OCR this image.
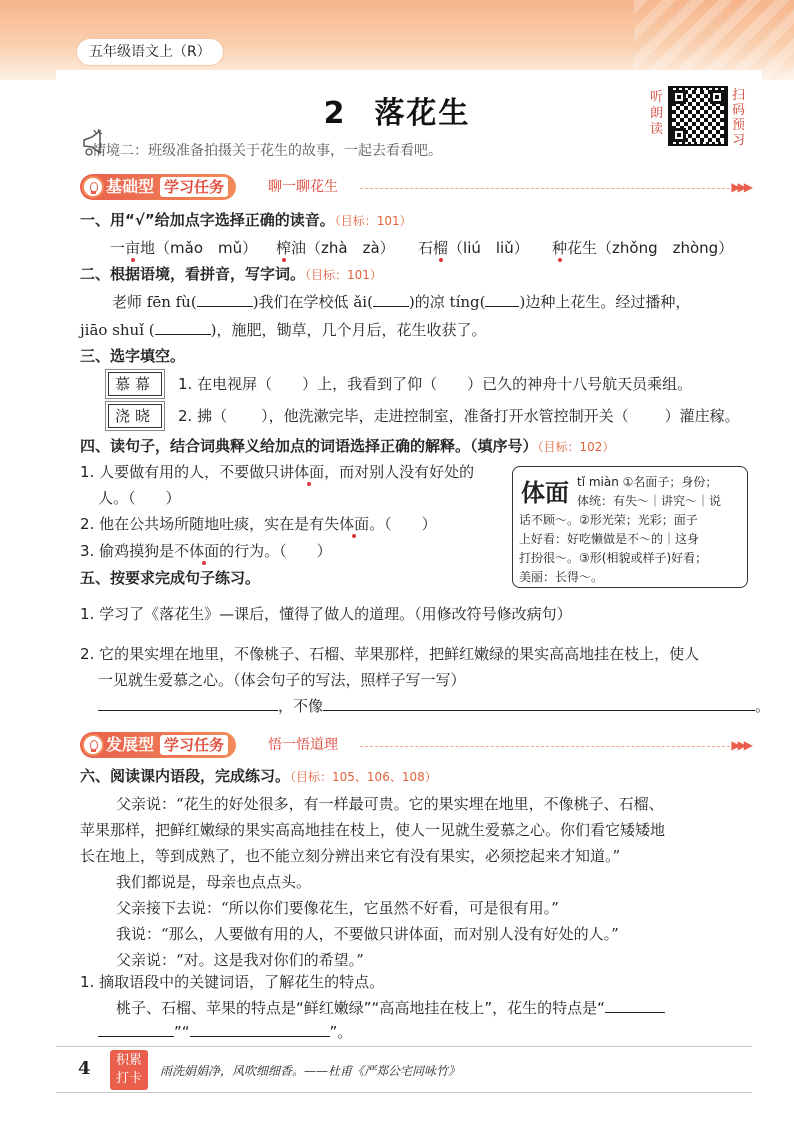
五年级语文上（R）
2 落花生	听朗读
扫码预习
情境二：班级准备拍摄关于花生的故事，一起去看看吧。
基础型 学习任务	聊一聊花生	▶▶▶
一、用“√”给加点字选择正确的读音。（目标：101）
一亩地（mǎo　mǔ） 榨油（zhà　zà） 石榴（liú　liǔ） 种花生（zhǒng　zhòng）
二、根据语境，看拼音，写字词。（目标：101）
老师 fēn fù(	)我们在学校低 ǎi( )的凉 tíng( )边种上花生。经过播种，
jiāo shuǐ (	)，施肥，锄草，几个月后，花生收获了。
三、选字填空。
慕幕	1. 在电视屏（ ）上，我看到了仰（ ）已久的神舟十八号航天员乘组。
浇晓	2. 拂（ ），他洗漱完毕，走进控制室，准备打开水管控制开关（ ）灌庄稼。
四、读句子，结合词典释义给加点的词语选择正确的解释。（填序号）（目标：102）
1. 人要做有用的人，不要做只讲体面，而对别人没有好处的
人。（　　）
2. 他在公共场所随地吐痰，实在是有失体面。（　　）
3. 偷鸡摸狗是不体面的行为。（　　）
体面 tǐ miàn ①名面子；身份；
体统：有失～｜讲究～｜说
话不顾～。②形光荣；光彩；面子
上好看：好吃懒做是不～的｜这身
打扮很～。③形(相貌或样子)好看；
美丽：长得～。
五、按要求完成句子练习。
1. 学习了《落花生》—课后，懂得了做人的道理。（用修改符号修改病句）
2. 它的果实埋在地里，不像桃子、石榴、苹果那样，把鲜红嫩绿的果实高高地挂在枝上，使人
一见就生爱慕之心。（体会句子的写法，照样子写一写）
，不像	。
发展型 学习任务	悟一悟道理	▶▶▶
六、阅读课内语段，完成练习。（目标：105、106、108）
父亲说：“花生的好处很多，有一样最可贵。它的果实埋在地里，不像桃子、石榴、
苹果那样，把鲜红嫩绿的果实高高地挂在枝上，使人一见就生爱慕之心。你们看它矮矮地
长在地上，等到成熟了，也不能立刻分辨出来它有没有果实，必须挖起来才知道。”
我们都说是，母亲也点点头。
父亲接下去说：“所以你们要像花生，它虽然不好看，可是很有用。”
我说：“那么，人要做有用的人，不要做只讲体面，而对别人没有好处的人。”
父亲说：“对。这是我对你们的希望。”
1. 摘取语段中的关键词语，了解花生的特点。
桃子、石榴、苹果的特点是“鲜红嫩绿”“高高地挂在枝上”，花生的特点是“
”“	”。
4	积累打卡	雨洗娟娟净，风吹细细香。——杜甫《严郑公宅同咏竹》
